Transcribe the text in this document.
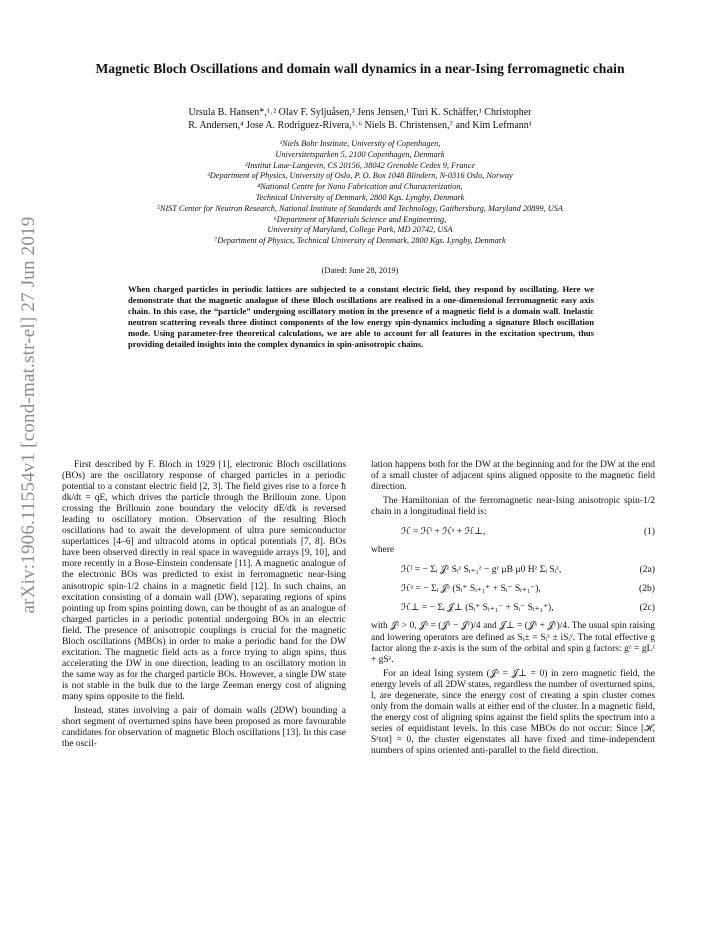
arXiv:1906.11554v1 [cond-mat.str-el] 27 Jun 2019
Magnetic Bloch Oscillations and domain wall dynamics in a near-Ising ferromagnetic chain
Ursula B. Hansen*,¹˒² Olav F. Syljuåsen,³ Jens Jensen,¹ Turi K. Schäffer,¹ Christopher
R. Andersen,⁴ Jose A. Rodriguez-Rivera,⁵˒⁶ Niels B. Christensen,⁷ and Kim Lefmann¹
¹Niels Bohr Institute, University of Copenhagen,
Universitetsparken 5, 2100 Copenhagen, Denmark
²Institut Laue-Langevin, CS 20156, 38042 Grenoble Cedex 9, France
³Department of Physics, University of Oslo, P. O. Box 1048 Blindern, N-0316 Oslo, Norway
⁴National Centre for Nano Fabrication and Characterization,
Technical University of Denmark, 2800 Kgs. Lyngby, Denmark
⁵NIST Center for Neutron Research, National Institute of Standards and Technology, Gaithersburg, Maryland 20899, USA
⁶Department of Materials Science and Engineering,
University of Maryland, College Park, MD 20742, USA
⁷Department of Physics, Technical University of Denmark, 2800 Kgs. Lyngby, Denmark
(Dated: June 28, 2019)
When charged particles in periodic lattices are subjected to a constant electric field, they respond by oscillating. Here we demonstrate that the magnetic analogue of these Bloch oscillations are realised in a one-dimensional ferromagnetic easy axis chain. In this case, the “particle” undergoing oscillatory motion in the presence of a magnetic field is a domain wall. Inelastic neutron scattering reveals three distinct components of the low energy spin-dynamics including a signature Bloch oscillation mode. Using parameter-free theoretical calculations, we are able to account for all features in the excitation spectrum, thus providing detailed insights into the complex dynamics in spin-anisotropic chains.

First described by F. Bloch in 1929 [1], electronic Bloch oscillations (BOs) are the oscillatory response of charged particles in a periodic potential to a constant electric field [2, 3]. The field gives rise to a force ħ dk/dt = qE, which drives the particle through the Brillouin zone. Upon crossing the Brillouin zone boundary the velocity dE/dk is reversed leading to oscillatory motion. Observation of the resulting Bloch oscillations had to await the development of ultra pure semiconductor superlattices [4–6] and ultracold atoms in optical potentials [7, 8]. BOs have been observed directly in real space in waveguide arrays [9, 10], and more recently in a Bose-Einstein condensate [11]. A magnetic analogue of the electronic BOs was predicted to exist in ferromagnetic near-Ising anisotropic spin-1/2 chains in a magnetic field [12]. In such chains, an excitation consisting of a domain wall (DW), separating regions of spins pointing up from spins pointing down, can be thought of as an analogue of charged particles in a periodic potential undergoing BOs in an electric field. The presence of anisotropic couplings is crucial for the magnetic Bloch oscillations (MBOs) in order to make a periodic band for the DW excitation. The magnetic field acts as a force trying to align spins, thus accelerating the DW in one direction, leading to an oscillatory motion in the same way as for the charged particle BOs. However, a single DW state is not stable in the bulk due to the large Zeeman energy cost of aligning many spins opposite to the field.

Instead, states involving a pair of domain walls (2DW) bounding a short segment of overturned spins have been proposed as more favourable candidates for observation of magnetic Bloch oscillations [13]. In this case the oscil-

lation happens both for the DW at the beginning and for the DW at the end of a small cluster of adjacent spins aligned opposite to the magnetic field direction.

The Hamiltonian of the ferromagnetic near-Ising anisotropic spin-1/2 chain in a longitudinal field is:

ℋ = ℋᴵ + ℋᵃ + ℋ⊥,	(1)

where

ℋᴵ = − Σᵢ 𝒥ᶻ Sᵢᶻ Sᵢ₊₁ᶻ − gᶻ μB μ0 Hᶻ Σᵢ Sᵢᶻ,	(2a)
ℋᵃ = − Σᵢ 𝒥ᵃ (Sᵢ⁺ Sᵢ₊₁⁺ + Sᵢ⁻ Sᵢ₊₁⁻),	(2b)
ℋ⊥ = − Σᵢ 𝒥⊥ (Sᵢ⁺ Sᵢ₊₁⁻ + Sᵢ⁻ Sᵢ₊₁⁺),	(2c)

with 𝒥ᶻ > 0, 𝒥ᵃ = (𝒥ˣ − 𝒥ʸ)/4 and 𝒥⊥ = (𝒥ˣ + 𝒥ʸ)/4. The usual spin raising and lowering operators are defined as Sᵢ± = Sᵢˣ ± iSᵢʸ. The total effective g factor along the z-axis is the sum of the orbital and spin g factors: gᶻ = gLᶻ + gSᶻ.

For an ideal Ising system (𝒥ᵃ = 𝒥⊥ = 0) in zero magnetic field, the energy levels of all 2DW states, regardless the number of overturned spins, l, are degenerate, since the energy cost of creating a spin cluster comes only from the domain walls at either end of the cluster. In a magnetic field, the energy cost of aligning spins against the field splits the spectrum into a series of equidistant levels. In this case MBOs do not occur: Since [ℋ, Sᶻtot] = 0, the cluster eigenstates all have fixed and time-independent numbers of spins oriented anti-parallel to the field direction.
